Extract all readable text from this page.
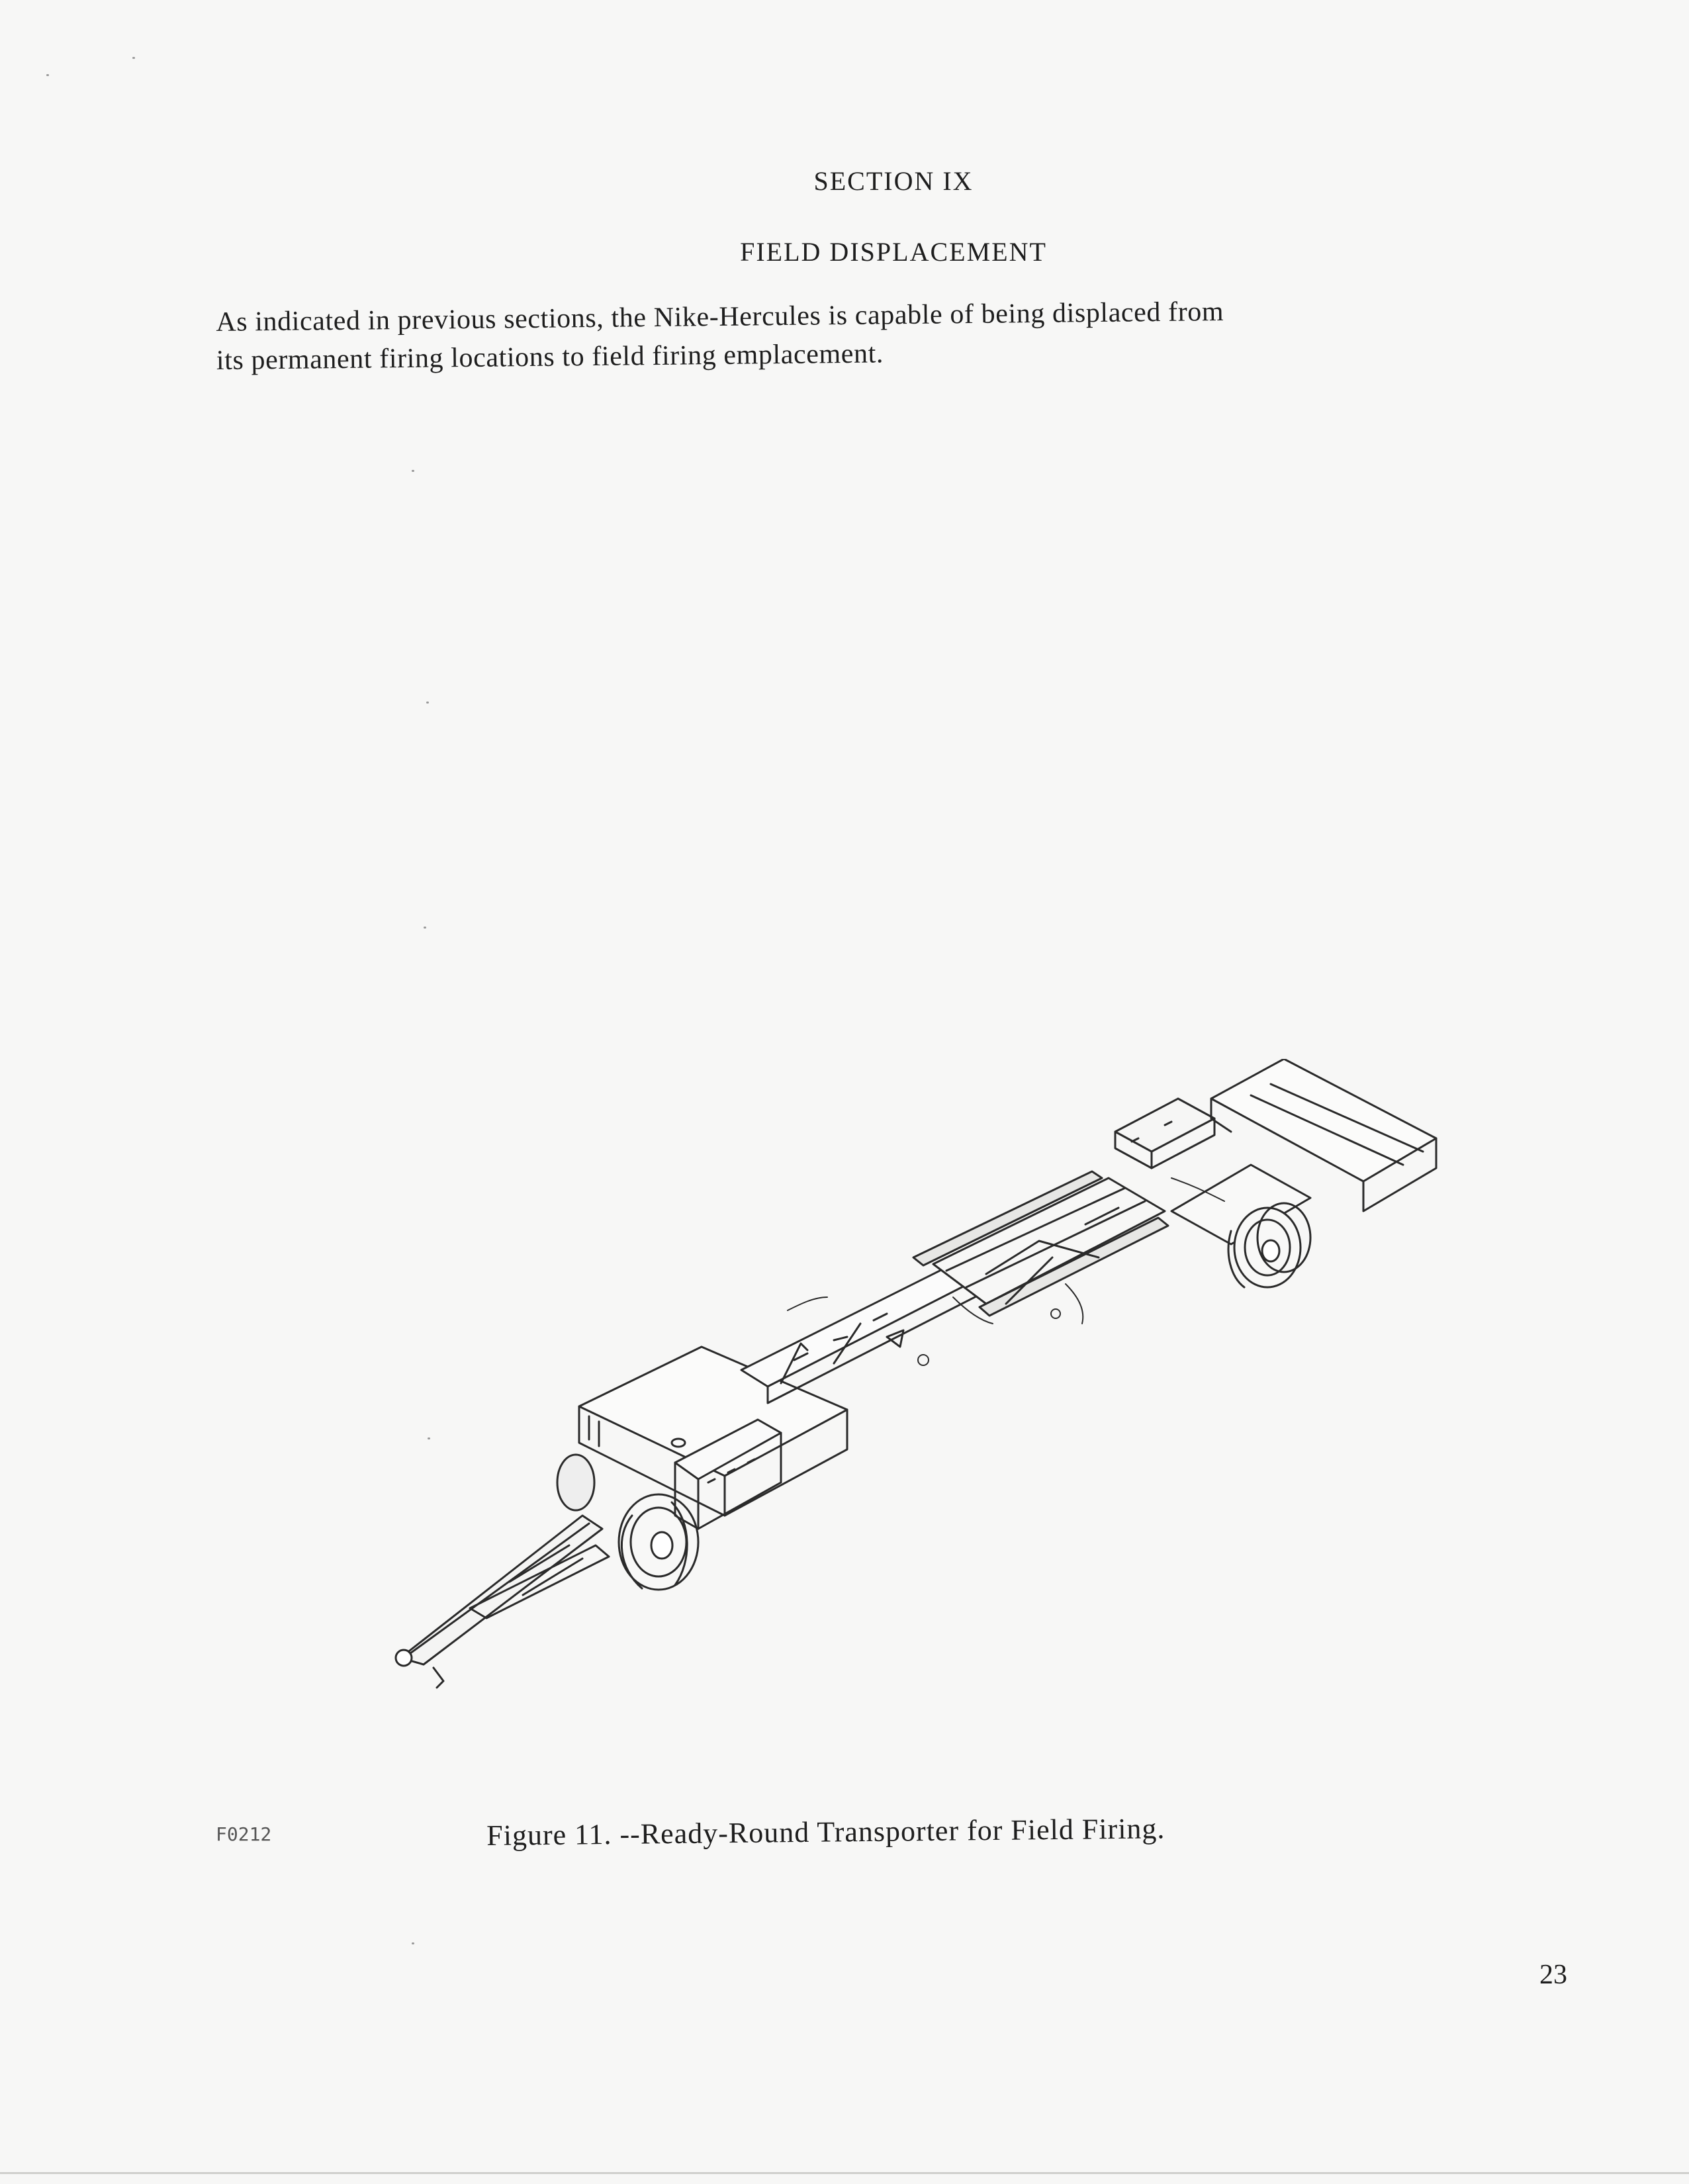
SECTION IX
FIELD DISPLACEMENT
As indicated in previous sections, the Nike-Hercules is capable of being displaced from
its permanent firing locations to field firing emplacement.
F0212	Figure 11. --Ready-Round Transporter for Field Firing.
23
